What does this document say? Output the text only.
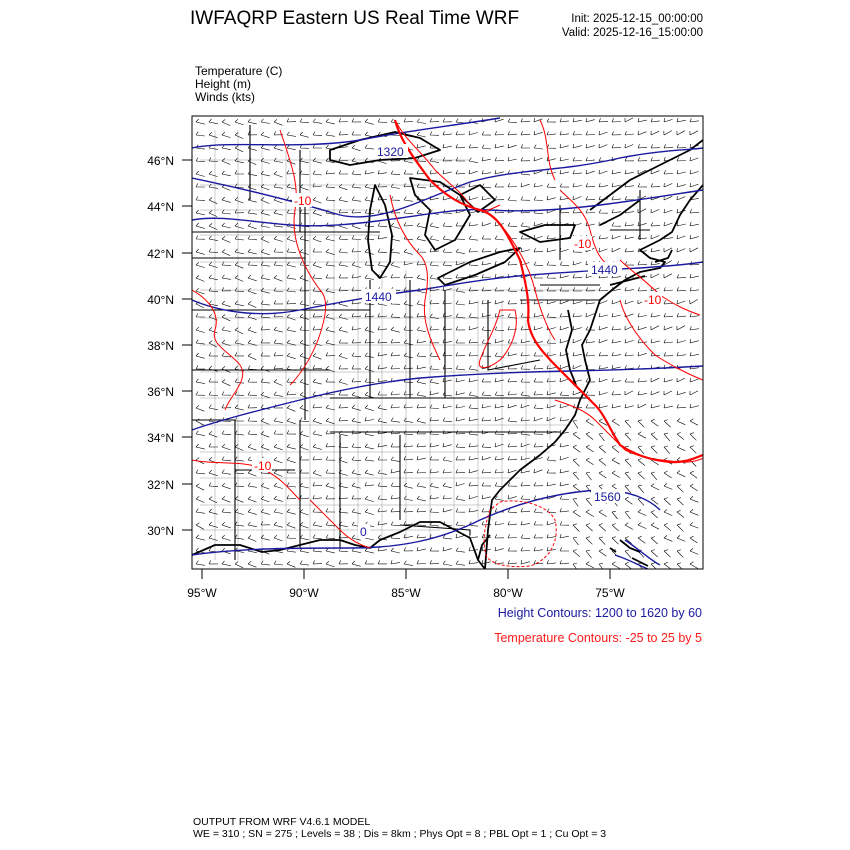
IWFAQRP Eastern US Real Time WRF	Init: 2025-12-15_00:00:00
Valid: 2025-12-16_15:00:00
Temperature (C)
Height (m)
Winds (kts)
46°N
44°N
42°N
40°N
38°N
36°N
34°N
32°N
30°N
95°W	90°W	85°W	80°W	75°W
1320
1440
1440
1560
-10
-10
-10
-10
0
Height Contours: 1200 to 1620 by 60
Temperature Contours: -25 to 25 by 5
OUTPUT FROM WRF V4.6.1 MODEL
WE = 310 ; SN = 275 ; Levels = 38 ; Dis = 8km ; Phys Opt = 8 ; PBL Opt = 1 ; Cu Opt = 3
